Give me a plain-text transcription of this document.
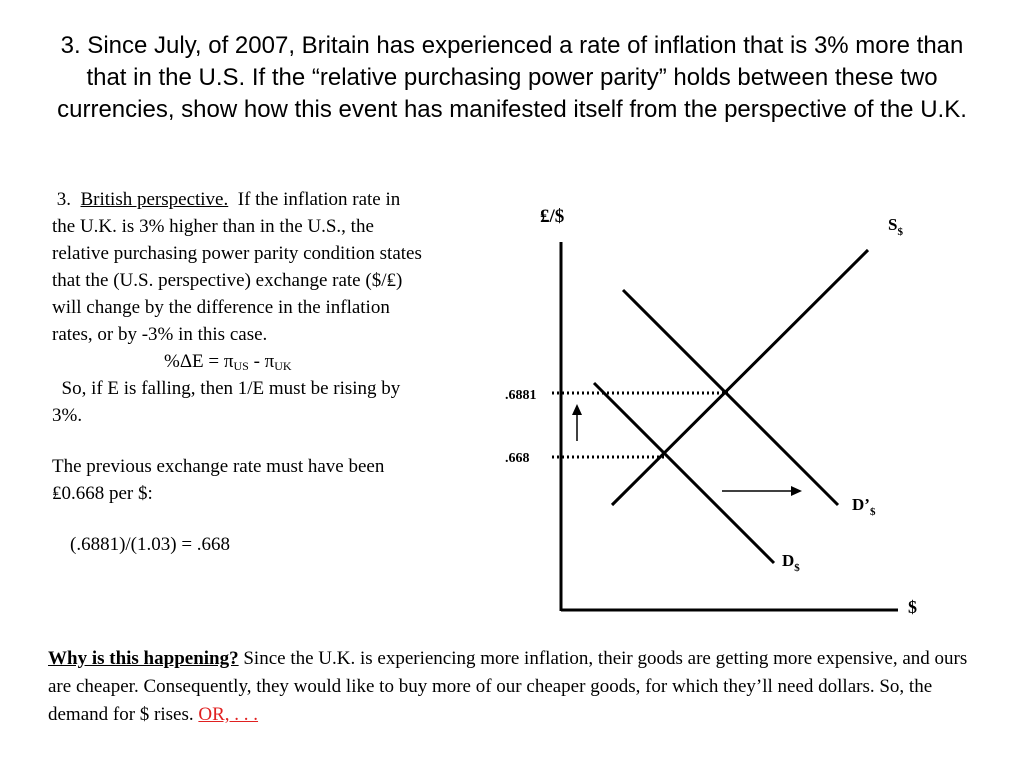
3. Since July, of 2007, Britain has experienced a rate of inflation that is 3% more than that in the U.S. If the “relative purchasing power parity” holds between these two currencies, show how this event has manifested itself from the perspective of the U.K.

3. British perspective. If the inflation rate in the U.K. is 3% higher than in the U.S., the relative purchasing power parity condition states that the (U.S. perspective) exchange rate ($/₤) will change by the difference in the inflation rates, or by -3% in this case.

$\%\Delta E = \pi_{US} - \pi_{UK}$

So, if E is falling, then 1/E must be rising by 3%.

The previous exchange rate must have been ₤0.668 per $:

(.6881)/(1.03) = .668

₤/$
$
$S_{\$}$
$D_{\$}$
$D’_{\$}$
.6881
.668
Why is this happening? Since the U.K. is experiencing more inflation, their goods are getting more expensive, and ours are cheaper. Consequently, they would like to buy more of our cheaper goods, for which they’ll need dollars. So, the demand for $ rises. OR, . . .
